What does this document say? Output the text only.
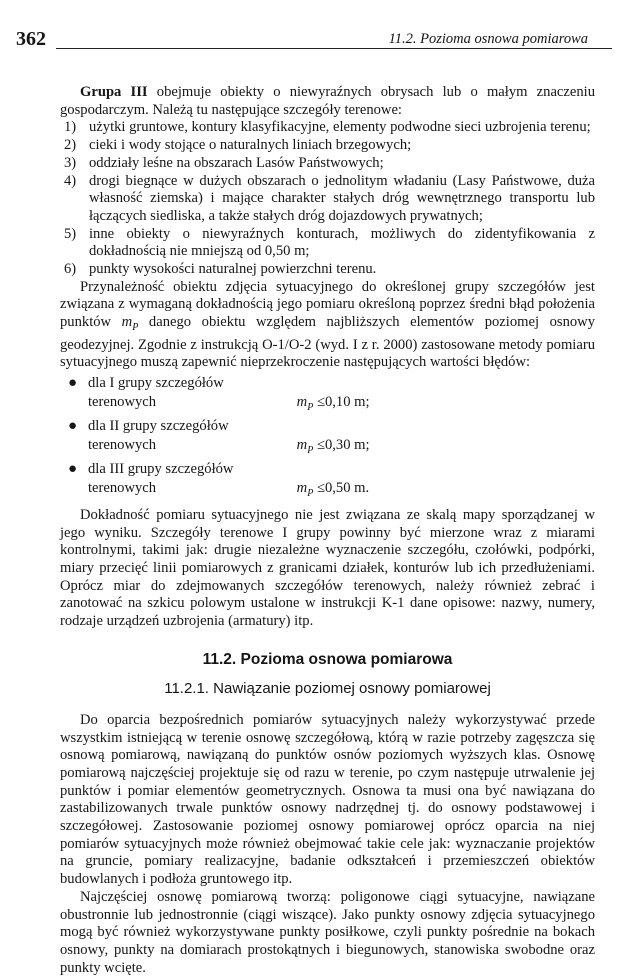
362	11.2. Pozioma osnowa pomiarowa

Grupa III obejmuje obiekty o niewyraźnych obrysach lub o małym znaczeniu gospodarczym. Należą tu następujące szczegóły terenowe:

1) użytki gruntowe, kontury klasyfikacyjne, elementy podwodne sieci uzbrojenia terenu;
2) cieki i wody stojące o naturalnych liniach brzegowych;
3) oddziały leśne na obszarach Lasów Państwowych;
4) drogi biegnące w dużych obszarach o jednolitym władaniu (Lasy Państwowe, duża własność ziemska) i mające charakter stałych dróg wewnętrznego transportu lub łączących siedliska, a także stałych dróg dojazdowych prywatnych;
5) inne obiekty o niewyraźnych konturach, możliwych do zidentyfikowania z dokładnością nie mniejszą od 0,50 m;
6) punkty wysokości naturalnej powierzchni terenu.

Przynależność obiektu zdjęcia sytuacyjnego do określonej grupy szczegółów jest związana z wymaganą dokładnością jego pomiaru określoną poprzez średni błąd położenia punktów $m_P$ danego obiektu względem najbliższych elementów poziomej osnowy geodezyjnej. Zgodnie z instrukcją O-1/O-2 (wyd. I z r. 2000) zastosowane metody pomiaru sytuacyjnego muszą zapewnić nieprzekroczenie następujących wartości błędów:

● dla I grupy szczegółów terenowych	$m_P \le 0,10$ m;
● dla II grupy szczegółów terenowych	$m_P \le 0,30$ m;
● dla III grupy szczegółów terenowych	$m_P \le 0,50$ m.

Dokładność pomiaru sytuacyjnego nie jest związana ze skalą mapy sporządzanej w jego wyniku. Szczegóły terenowe I grupy powinny być mierzone wraz z miarami kontrolnymi, takimi jak: drugie niezależne wyznaczenie szczegółu, czołówki, podpórki, miary przecięć linii pomiarowych z granicami działek, konturów lub ich przedłużeniami. Oprócz miar do zdejmowanych szczegółów terenowych, należy również zebrać i zanotować na szkicu polowym ustalone w instrukcji K-1 dane opisowe: nazwy, numery, rodzaje urządzeń uzbrojenia (armatury) itp.

11.2. Pozioma osnowa pomiarowa
11.2.1. Nawiązanie poziomej osnowy pomiarowej

Do oparcia bezpośrednich pomiarów sytuacyjnych należy wykorzystywać przede wszystkim istniejącą w terenie osnowę szczegółową, którą w razie potrzeby zagęszcza się osnową pomiarową, nawiązaną do punktów osnów poziomych wyższych klas. Osnowę pomiarową najczęściej projektuje się od razu w terenie, po czym następuje utrwalenie jej punktów i pomiar elementów geometrycznych. Osnowa ta musi ona być nawiązana do zastabilizowanych trwale punktów osnowy nadrzędnej tj. do osnowy podstawowej i szczegółowej. Zastosowanie poziomej osnowy pomiarowej oprócz oparcia na niej pomiarów sytuacyjnych może również obejmować takie cele jak: wyznaczanie projektów na gruncie, pomiary realizacyjne, badanie odkształceń i przemieszczeń obiektów budowlanych i podłoża gruntowego itp.

Najczęściej osnowę pomiarową tworzą: poligonowe ciągi sytuacyjne, nawiązane obustronnie lub jednostronnie (ciągi wiszące). Jako punkty osnowy zdjęcia sytuacyjnego mogą być również wykorzystywane punkty posiłkowe, czyli punkty pośrednie na bokach osnowy, punkty na domiarach prostokątnych i biegunowych, stanowiska swobodne oraz punkty wcięte.
